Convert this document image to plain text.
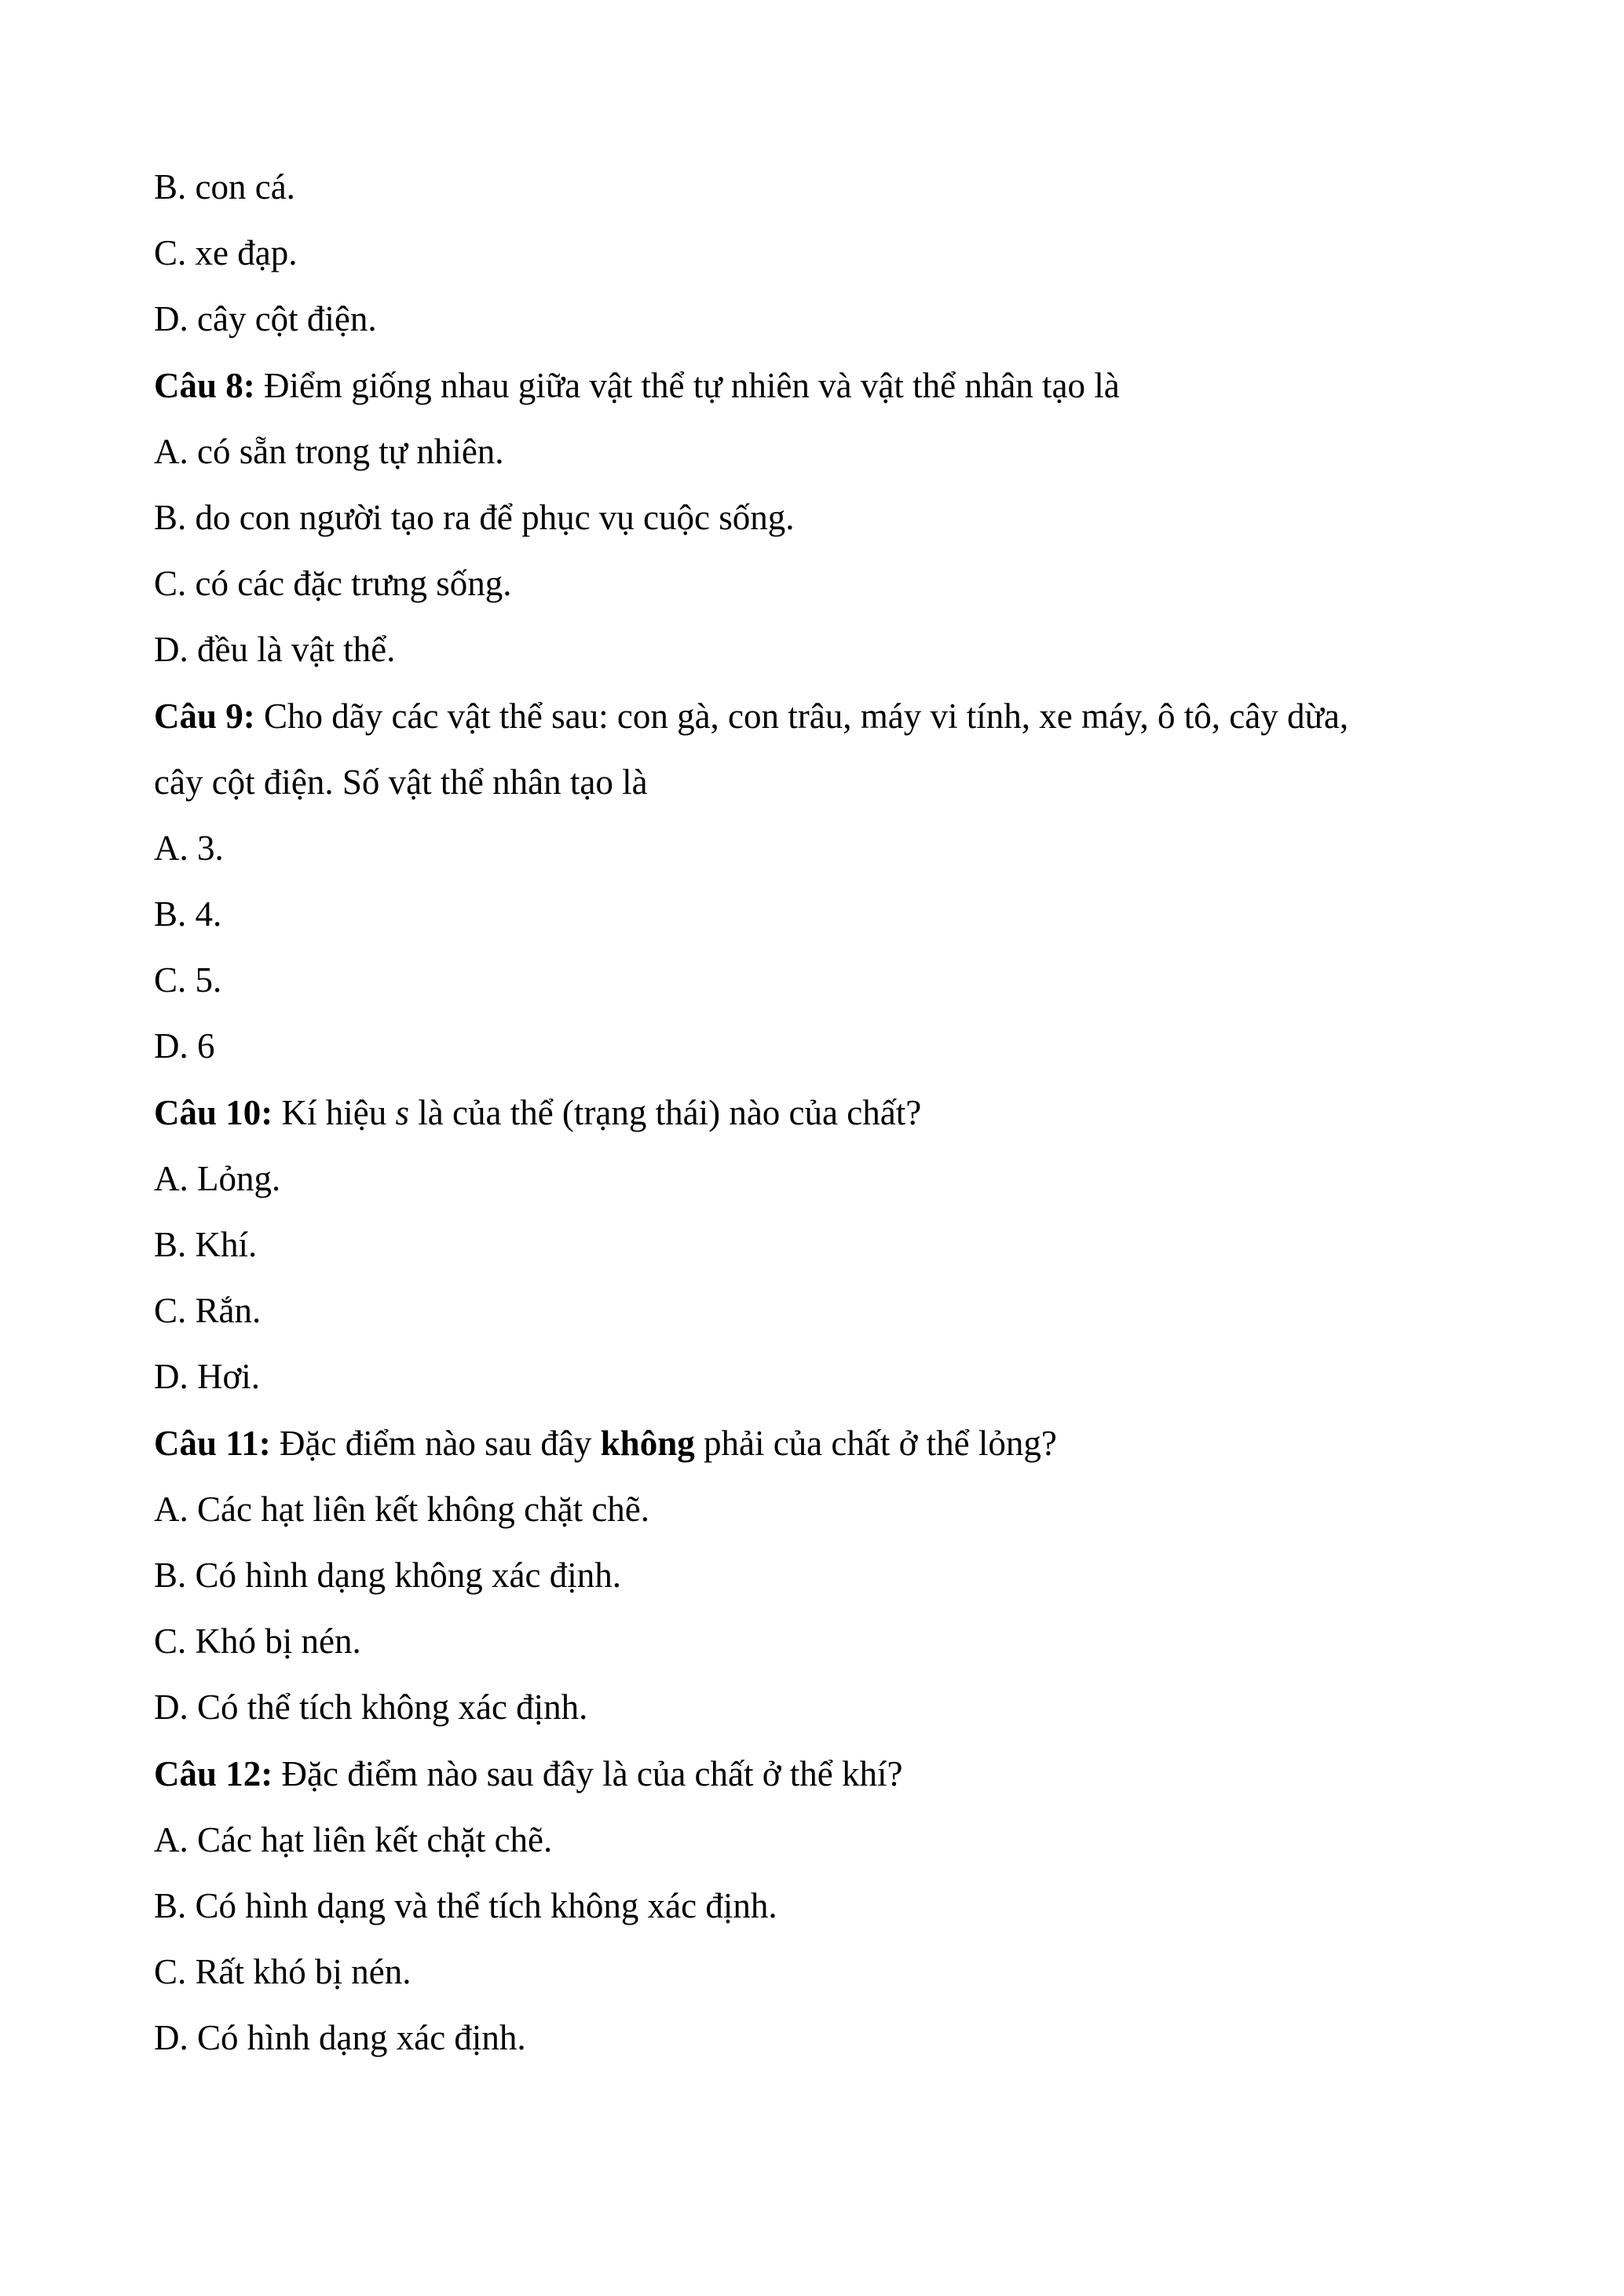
B. con cá.
C. xe đạp.
D. cây cột điện.
Câu 8: Điểm giống nhau giữa vật thể tự nhiên và vật thể nhân tạo là
A. có sẵn trong tự nhiên.
B. do con người tạo ra để phục vụ cuộc sống.
C. có các đặc trưng sống.
D. đều là vật thể.
Câu 9: Cho dãy các vật thể sau: con gà, con trâu, máy vi tính, xe máy, ô tô, cây dừa,
cây cột điện. Số vật thể nhân tạo là
A. 3.
B. 4.
C. 5.
D. 6
Câu 10: Kí hiệu s là của thể (trạng thái) nào của chất?
A. Lỏng.
B. Khí.
C. Rắn.
D. Hơi.
Câu 11: Đặc điểm nào sau đây không phải của chất ở thể lỏng?
A. Các hạt liên kết không chặt chẽ.
B. Có hình dạng không xác định.
C. Khó bị nén.
D. Có thể tích không xác định.
Câu 12: Đặc điểm nào sau đây là của chất ở thể khí?
A. Các hạt liên kết chặt chẽ.
B. Có hình dạng và thể tích không xác định.
C. Rất khó bị nén.
D. Có hình dạng xác định.
